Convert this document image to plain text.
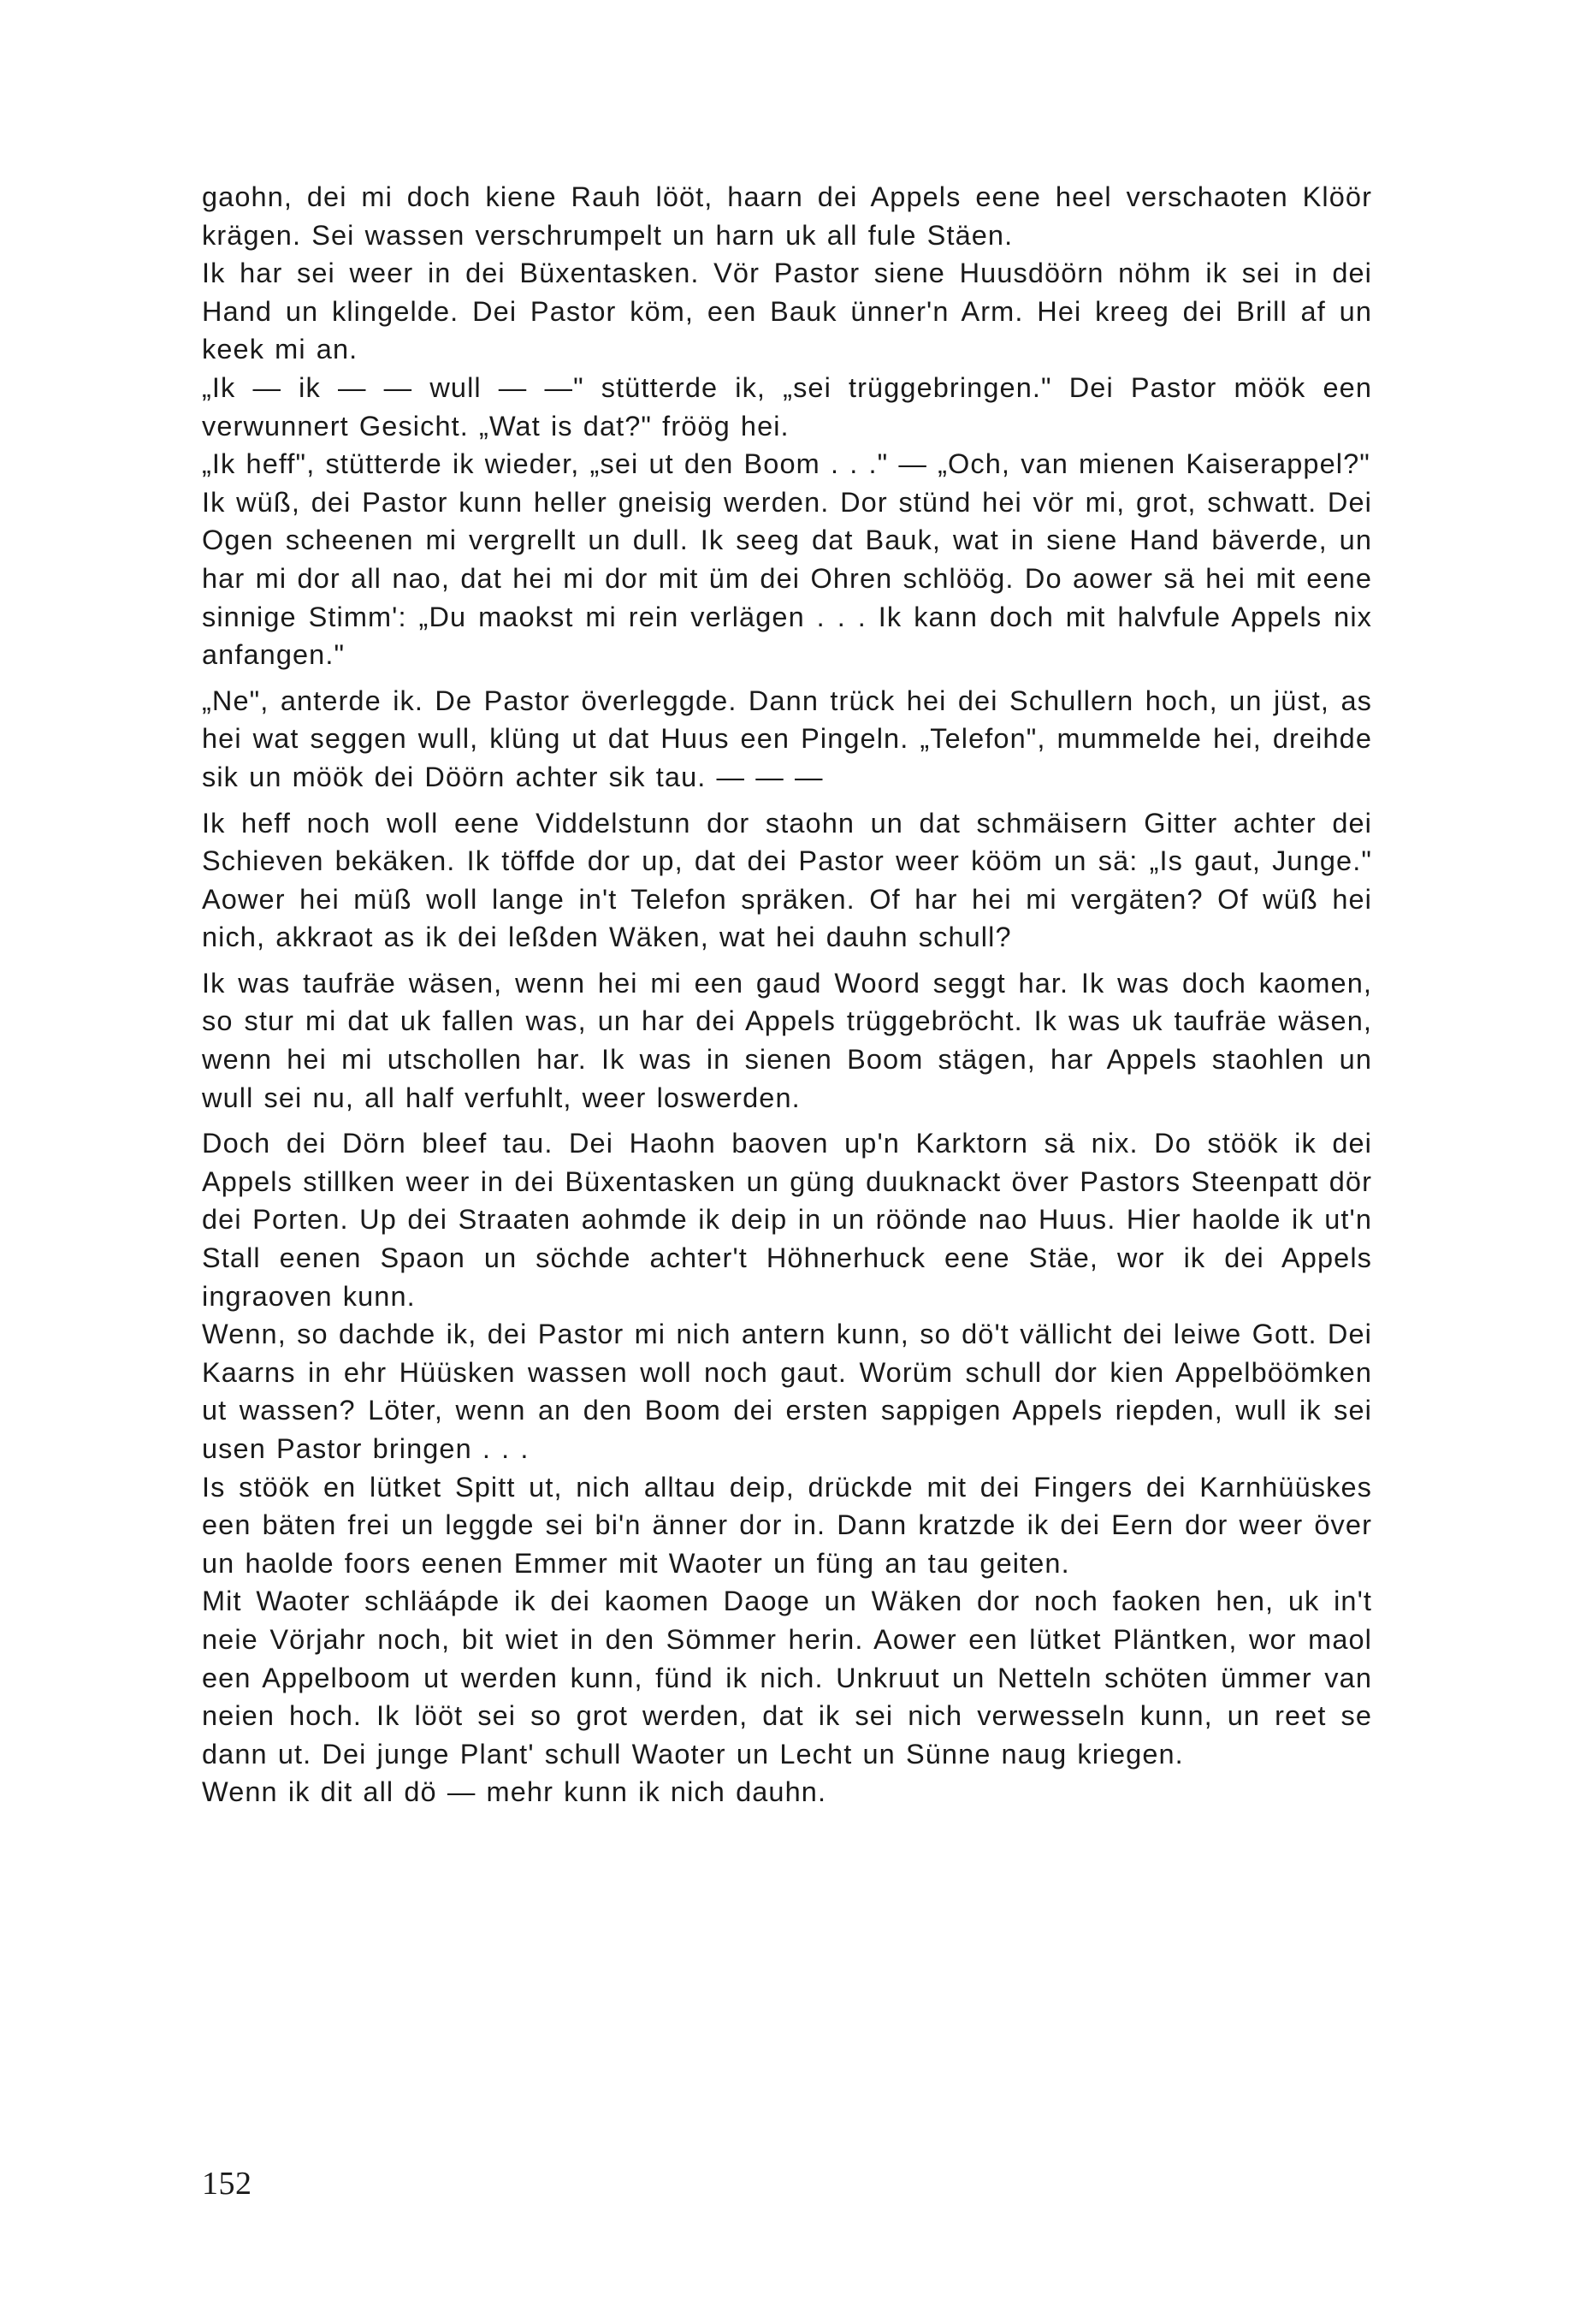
gaohn, dei mi doch kiene Rauh lööt, haarn dei Appels eene heel verschaoten Klöör krägen. Sei wassen verschrumpelt un harn uk all fule Stäen.

Ik har sei weer in dei Büxentasken. Vör Pastor siene Huusdöörn nöhm ik sei in dei Hand un klingelde. Dei Pastor köm, een Bauk ünner'n Arm. Hei kreeg dei Brill af un keek mi an.

„Ik — ik — — wull — —" stütterde ik, „sei trüggebringen." Dei Pastor möök een verwunnert Gesicht. „Wat is dat?" fröög hei.

„Ik heff", stütterde ik wieder, „sei ut den Boom . . ." — „Och, van mienen Kaiserappel?"

Ik wüß, dei Pastor kunn heller gneisig werden. Dor stünd hei vör mi, grot, schwatt. Dei Ogen scheenen mi vergrellt un dull. Ik seeg dat Bauk, wat in siene Hand bäverde, un har mi dor all nao, dat hei mi dor mit üm dei Ohren schlöög. Do aower sä hei mit eene sinnige Stimm': „Du maokst mi rein verlägen . . . Ik kann doch mit halvfule Appels nix anfangen."

„Ne", anterde ik. De Pastor överleggde. Dann trück hei dei Schullern hoch, un jüst, as hei wat seggen wull, klüng ut dat Huus een Pingeln. „Telefon", mummelde hei, dreihde sik un möök dei Döörn achter sik tau. — — —

Ik heff noch woll eene Viddelstunn dor staohn un dat schmäisern Gitter achter dei Schieven bekäken. Ik töffde dor up, dat dei Pastor weer kööm un sä: „Is gaut, Junge." Aower hei müß woll lange in't Telefon spräken. Of har hei mi vergäten? Of wüß hei nich, akkraot as ik dei leßden Wäken, wat hei dauhn schull?

Ik was taufräe wäsen, wenn hei mi een gaud Woord seggt har. Ik was doch kaomen, so stur mi dat uk fallen was, un har dei Appels trüggebröcht. Ik was uk taufräe wäsen, wenn hei mi utschollen har. Ik was in sienen Boom stägen, har Appels staohlen un wull sei nu, all half verfuhlt, weer loswerden.

Doch dei Dörn bleef tau. Dei Haohn baoven up'n Karktorn sä nix. Do stöök ik dei Appels stillken weer in dei Büxentasken un güng duuknackt över Pastors Steenpatt dör dei Porten. Up dei Straaten aohmde ik deip in un röönde nao Huus. Hier haolde ik ut'n Stall eenen Spaon un söchde achter't Höhnerhuck eene Stäe, wor ik dei Appels ingraoven kunn.

Wenn, so dachde ik, dei Pastor mi nich antern kunn, so dö't vällicht dei leiwe Gott. Dei Kaarns in ehr Hüüsken wassen woll noch gaut. Worüm schull dor kien Appelböömken ut wassen? Löter, wenn an den Boom dei ersten sappigen Appels riepden, wull ik sei usen Pastor bringen . . .

Is stöök en lütket Spitt ut, nich alltau deip, drückde mit dei Fingers dei Karnhüüskes een bäten frei un leggde sei bi'n änner dor in. Dann kratzde ik dei Eern dor weer över un haolde foors eenen Emmer mit Waoter un füng an tau geiten.

Mit Waoter schläápde ik dei kaomen Daoge un Wäken dor noch faoken hen, uk in't neie Vörjahr noch, bit wiet in den Sömmer herin. Aower een lütket Pläntken, wor maol een Appelboom ut werden kunn, fünd ik nich. Unkruut un Netteln schöten ümmer van neien hoch. Ik lööt sei so grot werden, dat ik sei nich verwesseln kunn, un reet se dann ut. Dei junge Plant' schull Waoter un Lecht un Sünne naug kriegen.

Wenn ik dit all dö — mehr kunn ik nich dauhn.

152
